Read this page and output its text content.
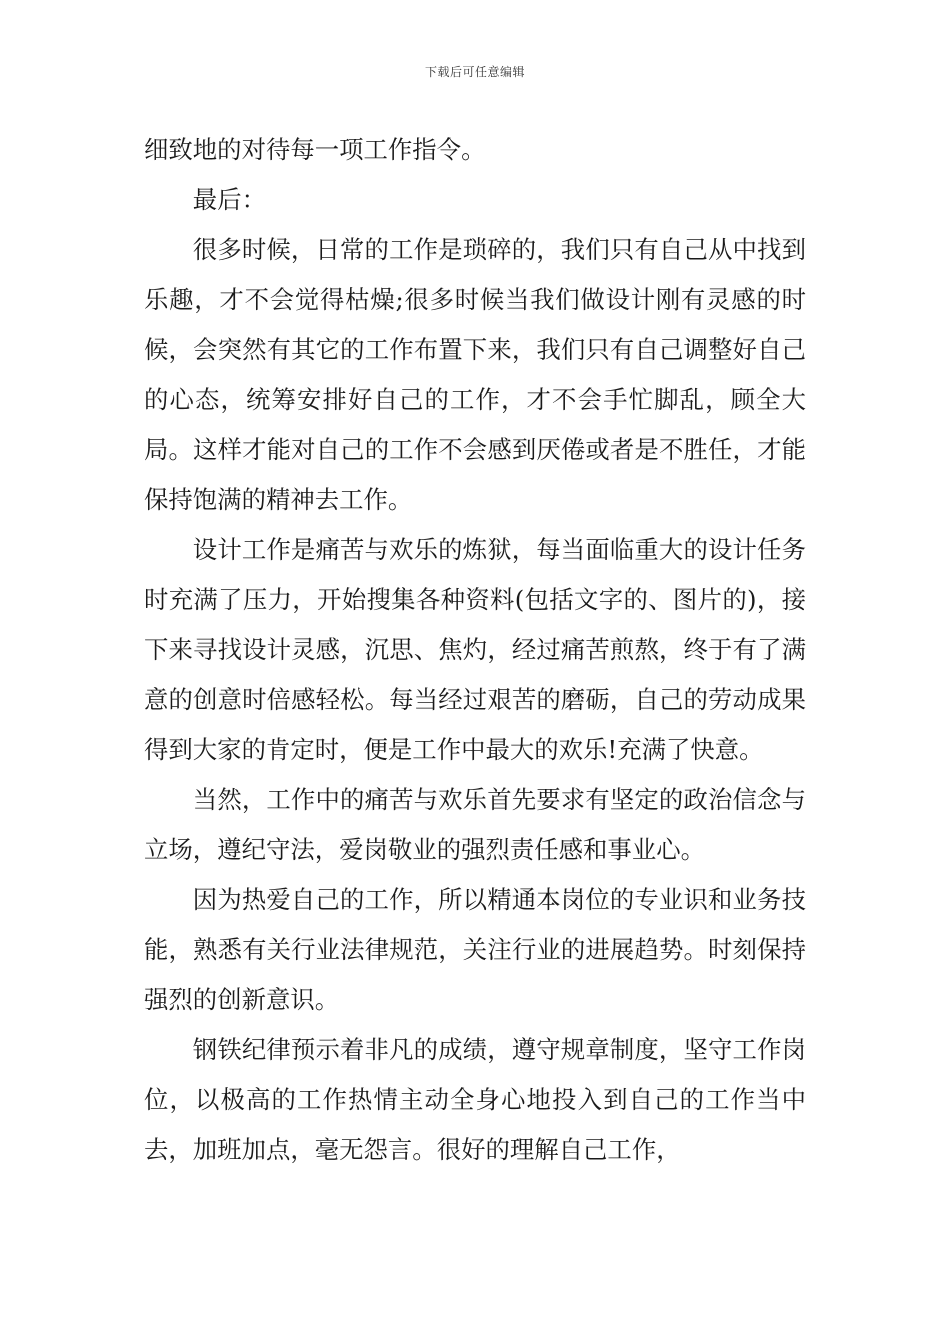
下载后可任意编辑

细致地的对待每一项工作指令。

最后：

很多时候，日常的工作是琐碎的，我们只有自己从中找到乐趣，才不会觉得枯燥;很多时候当我们做设计刚有灵感的时候，会突然有其它的工作布置下来，我们只有自己调整好自己的心态，统筹安排好自己的工作，才不会手忙脚乱，顾全大局。这样才能对自己的工作不会感到厌倦或者是不胜任，才能保持饱满的精神去工作。

设计工作是痛苦与欢乐的炼狱，每当面临重大的设计任务时充满了压力，开始搜集各种资料(包括文字的、图片的)，接下来寻找设计灵感，沉思、焦灼，经过痛苦煎熬，终于有了满意的创意时倍感轻松。每当经过艰苦的磨砺，自己的劳动成果得到大家的肯定时，便是工作中最大的欢乐!充满了快意。

当然，工作中的痛苦与欢乐首先要求有坚定的政治信念与立场，遵纪守法，爱岗敬业的强烈责任感和事业心。

因为热爱自己的工作，所以精通本岗位的专业识和业务技能，熟悉有关行业法律规范，关注行业的进展趋势。时刻保持强烈的创新意识。

钢铁纪律预示着非凡的成绩，遵守规章制度，坚守工作岗位，以极高的工作热情主动全身心地投入到自己的工作当中去，加班加点，毫无怨言。很好的理解自己工作，
